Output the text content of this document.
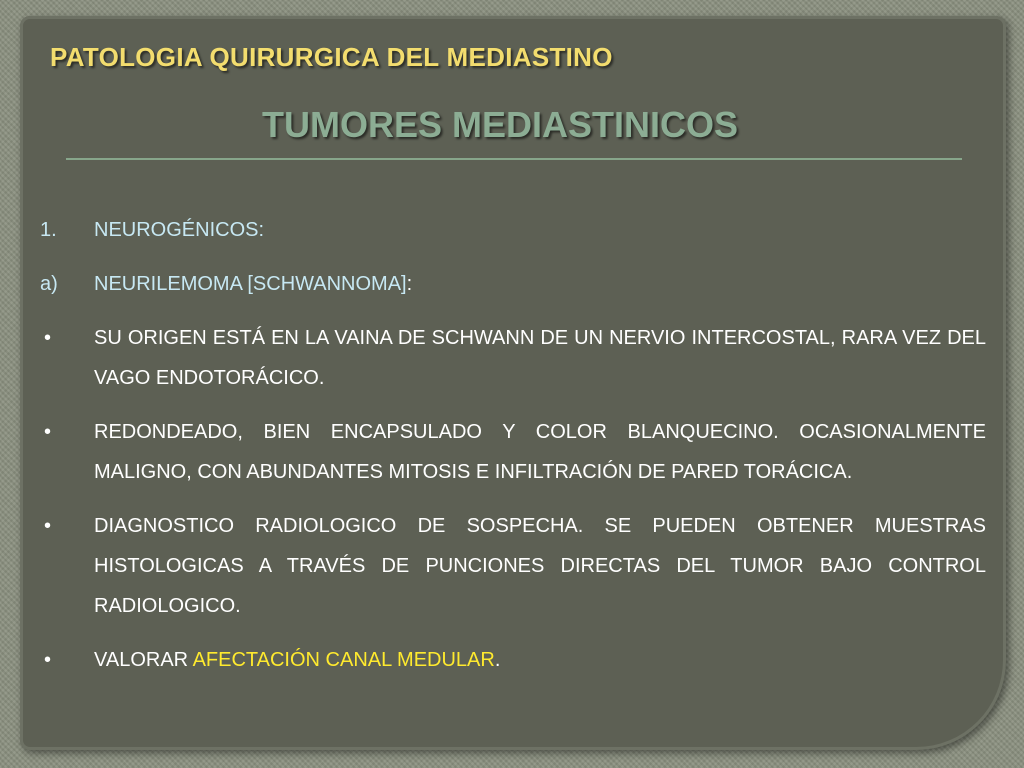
PATOLOGIA QUIRURGICA DEL MEDIASTINO
TUMORES MEDIASTINICOS
1.	NEUROGÉNICOS:
a)	NEURILEMOMA [SCHWANNOMA]:
•	SU ORIGEN ESTÁ EN LA VAINA DE SCHWANN DE UN NERVIO INTERCOSTAL, RARA VEZ DEL VAGO ENDOTORÁCICO.
•	REDONDEADO, BIEN ENCAPSULADO Y COLOR BLANQUECINO. OCASIONALMENTE MALIGNO, CON ABUNDANTES MITOSIS E INFILTRACIÓN DE PARED TORÁCICA.
•	DIAGNOSTICO RADIOLOGICO DE SOSPECHA. SE PUEDEN OBTENER MUESTRAS HISTOLOGICAS A TRAVÉS DE PUNCIONES DIRECTAS DEL TUMOR BAJO CONTROL RADIOLOGICO.
•	VALORAR AFECTACIÓN CANAL MEDULAR.
